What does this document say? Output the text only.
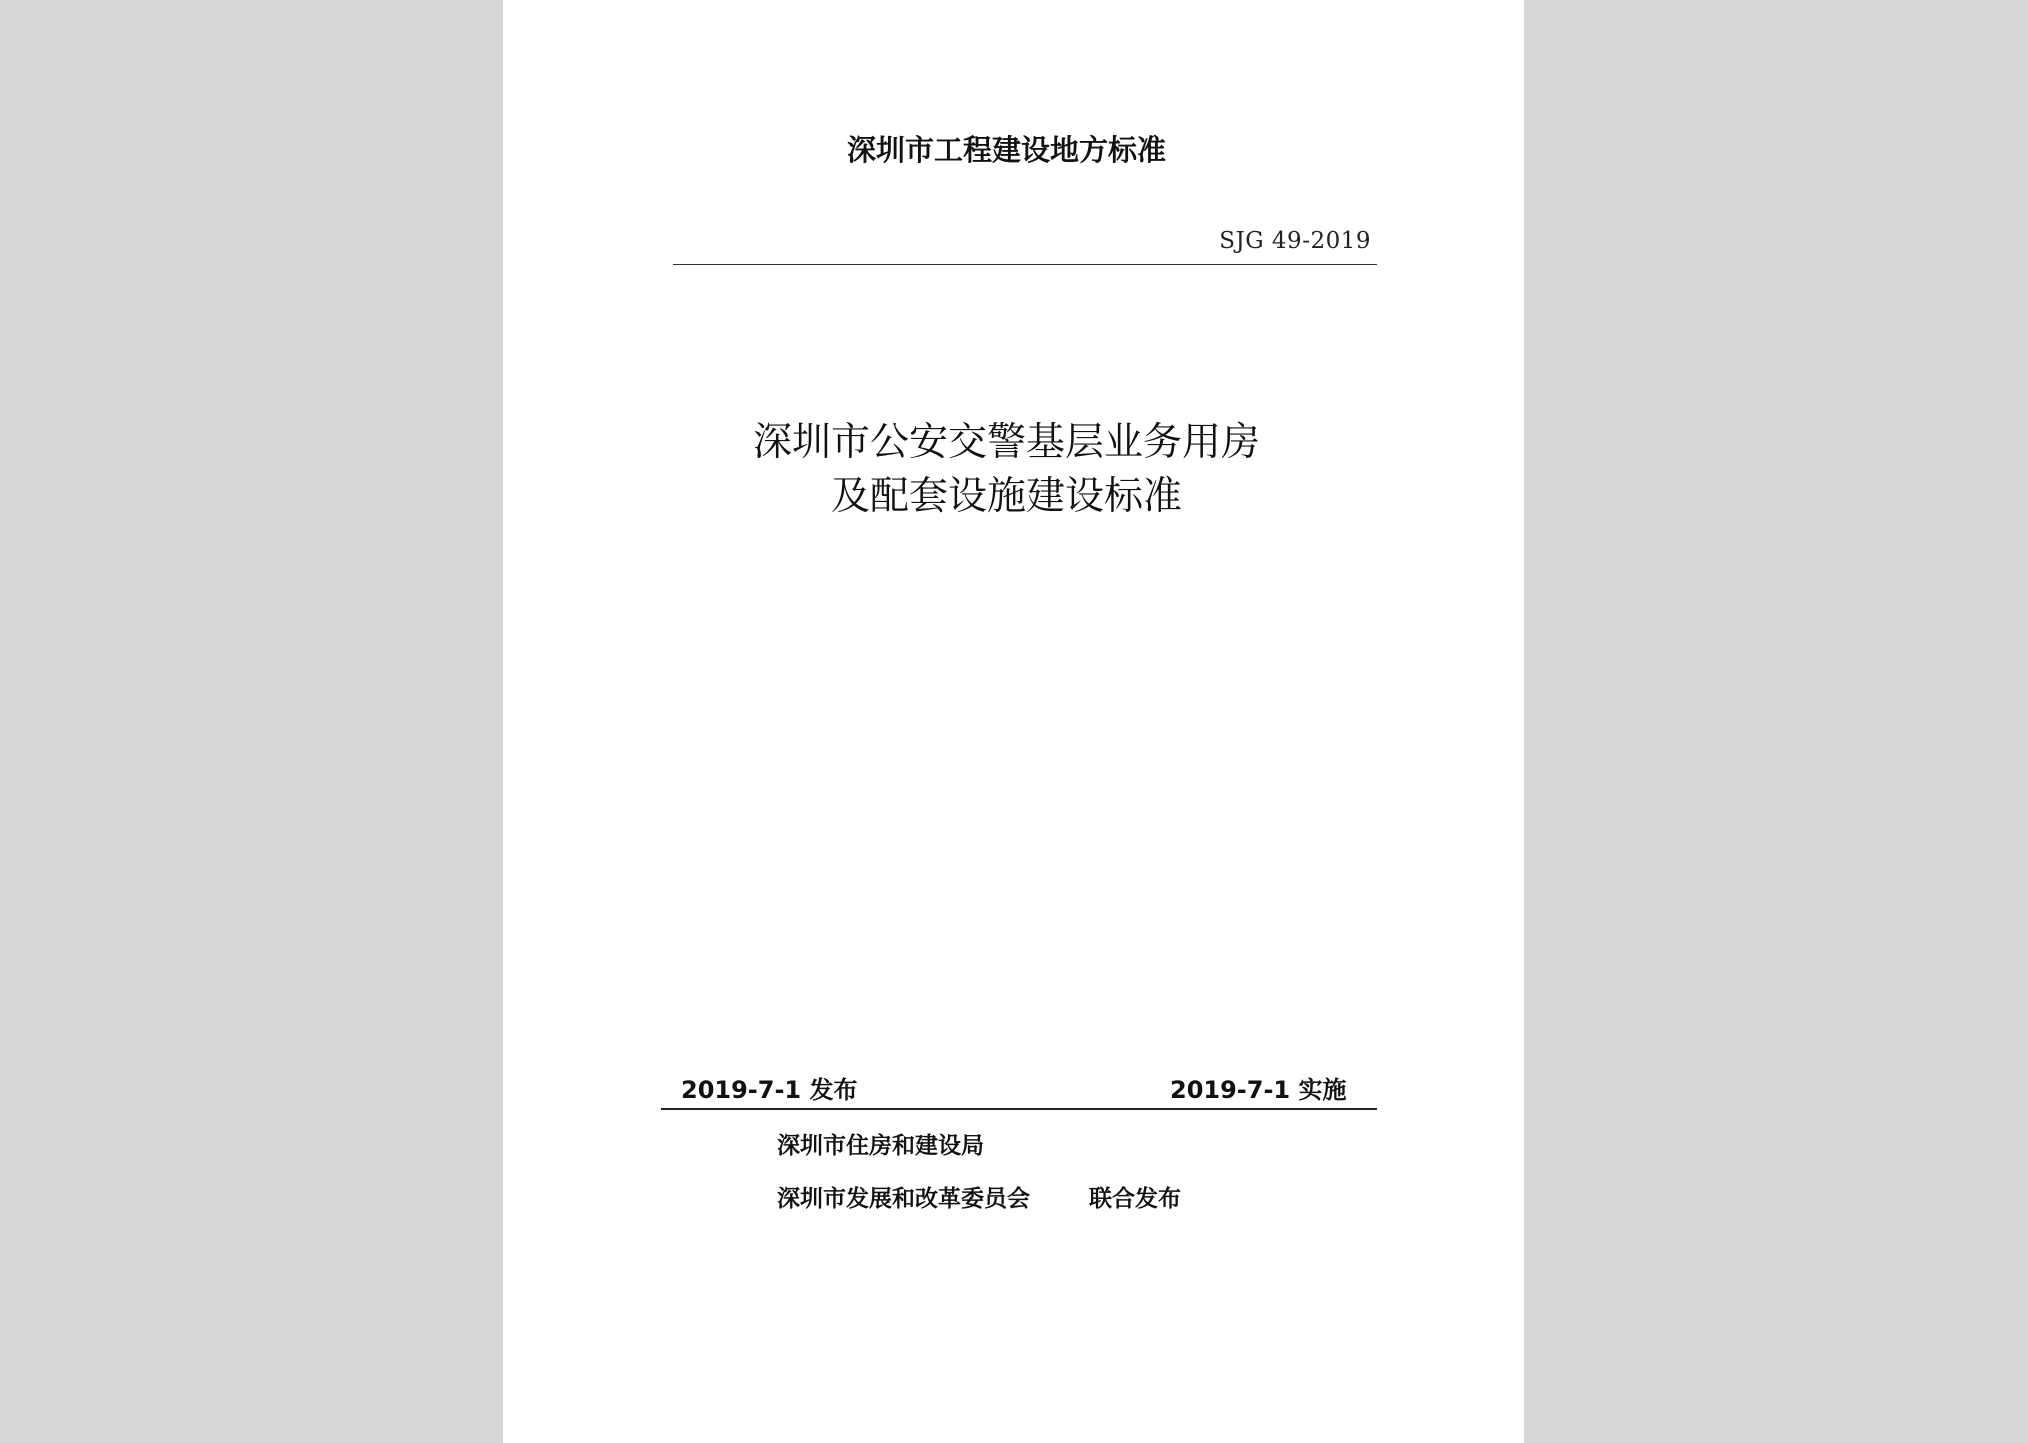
深圳市工程建设地方标准
SJG 49-2019
深圳市公安交警基层业务用房
及配套设施建设标准
2019-7-1 发布	2019-7-1 实施
深圳市住房和建设局
深圳市发展和改革委员会	联合发布
